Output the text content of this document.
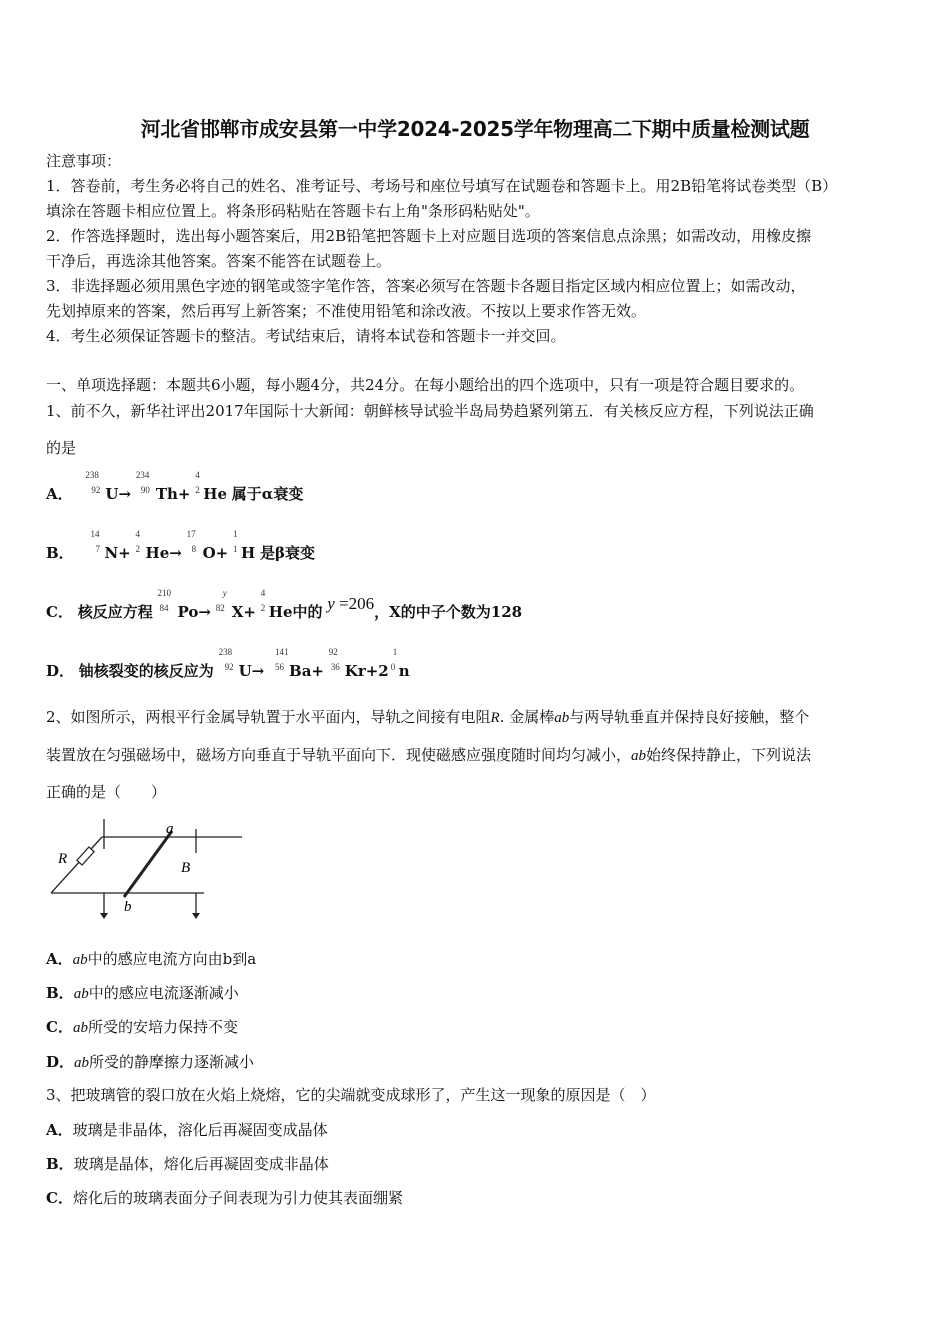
河北省邯郸市成安县第一中学2024-2025学年物理高二下期中质量检测试题
注意事项：
1．答卷前，考生务必将自己的姓名、准考证号、考场号和座位号填写在试题卷和答题卡上。用2B铅笔将试卷类型（B）
填涂在答题卡相应位置上。将条形码粘贴在答题卡右上角"条形码粘贴处"。
2．作答选择题时，选出每小题答案后，用2B铅笔把答题卡上对应题目选项的答案信息点涂黑；如需改动，用橡皮擦
干净后，再选涂其他答案。答案不能答在试题卷上。
3．非选择题必须用黑色字迹的钢笔或签字笔作答，答案必须写在答题卡各题目指定区域内相应位置上；如需改动，
先划掉原来的答案，然后再写上新答案；不准使用铅笔和涂改液。不按以上要求作答无效。
4．考生必须保证答题卡的整洁。考试结束后，请将本试卷和答题卡一并交回。
一、单项选择题：本题共6小题，每小题4分，共24分。在每小题给出的四个选项中，只有一项是符合题目要求的。
1、前不久，新华社评出2017年国际十大新闻：朝鲜核导试验半岛局势趋紧列第五．有关核反应方程，下列说法正确
的是
A．
238
92 U→
234
90 Th+
4
2 He 属于α衰变
B．
14
7 N+
4
2 He→
17
8 O+
1
1 H 是β衰变
C． 核反应方程
210
84 Po→
y
82 X+
4
2 He中的 y =206，X的中子个数为128
D． 铀核裂变的核反应为
238
92 U→
141
56 Ba+
92
36 Kr+2
1
0 n
2、如图所示，两根平行金属导轨置于水平面内，导轨之间接有电阻R. 金属棒ab与两导轨垂直并保持良好接触，整个
装置放在匀强磁场中，磁场方向垂直于导轨平面向下．现使磁感应强度随时间均匀减小，ab始终保持静止，下列说法
正确的是（　　）
R
a
b
B
A．ab中的感应电流方向由b到a
B．ab中的感应电流逐渐减小
C．ab所受的安培力保持不变
D．ab所受的静摩擦力逐渐减小
3、把玻璃管的裂口放在火焰上烧熔，它的尖端就变成球形了，产生这一现象的原因是（　）
A．玻璃是非晶体，溶化后再凝固变成晶体
B．玻璃是晶体，熔化后再凝固变成非晶体
C．熔化后的玻璃表面分子间表现为引力使其表面绷紧
